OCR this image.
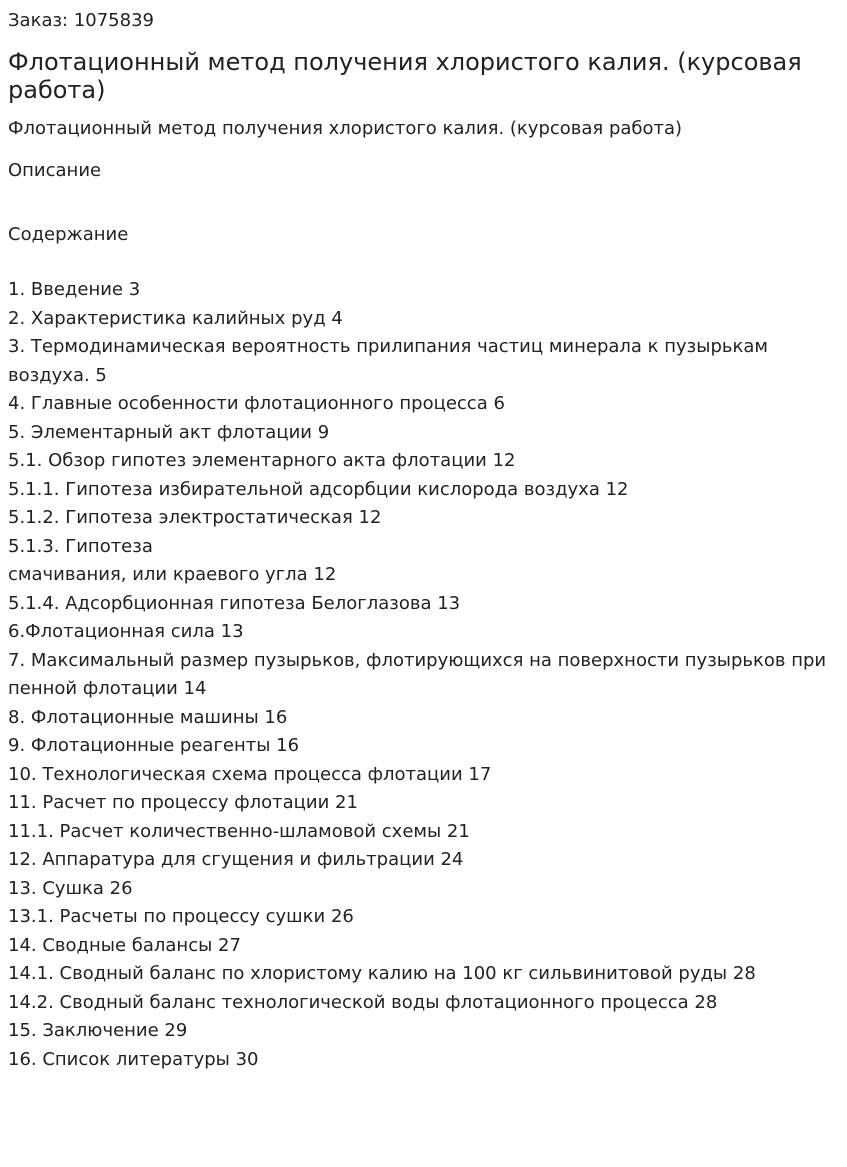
Заказ: 1075839

Флотационный метод получения хлористого калия. (курсовая работа)

Флотационный метод получения хлористого калия. (курсовая работа)

Описание

Содержание

1. Введение 3
2. Характеристика калийных руд 4
3. Термодинамическая вероятность прилипания частиц минерала к пузырькам воздуха. 5
4. Главные особенности флотационного процесса 6
5. Элементарный акт флотации 9
5.1. Обзор гипотез элементарного акта флотации 12
5.1.1. Гипотеза избирательной адсорбции кислорода воздуха 12
5.1.2. Гипотеза электростатическая 12
5.1.3. Гипотеза
смачивания, или краевого угла 12
5.1.4. Адсорбционная гипотеза Белоглазова 13
6.Флотационная сила 13
7. Максимальный размер пузырьков, флотирующихся на поверхности пузырьков при пенной флотации 14
8. Флотационные машины 16
9. Флотационные реагенты 16
10. Технологическая схема процесса флотации 17
11. Расчет по процессу флотации 21
11.1. Расчет количественно-шламовой схемы 21
12. Аппаратура для сгущения и фильтрации 24
13. Сушка 26
13.1. Расчеты по процессу сушки 26
14. Сводные балансы 27
14.1. Сводный баланс по хлористому калию на 100 кг сильвинитовой руды 28
14.2. Сводный баланс технологической воды флотационного процесса 28
15. Заключение 29
16. Список литературы 30
